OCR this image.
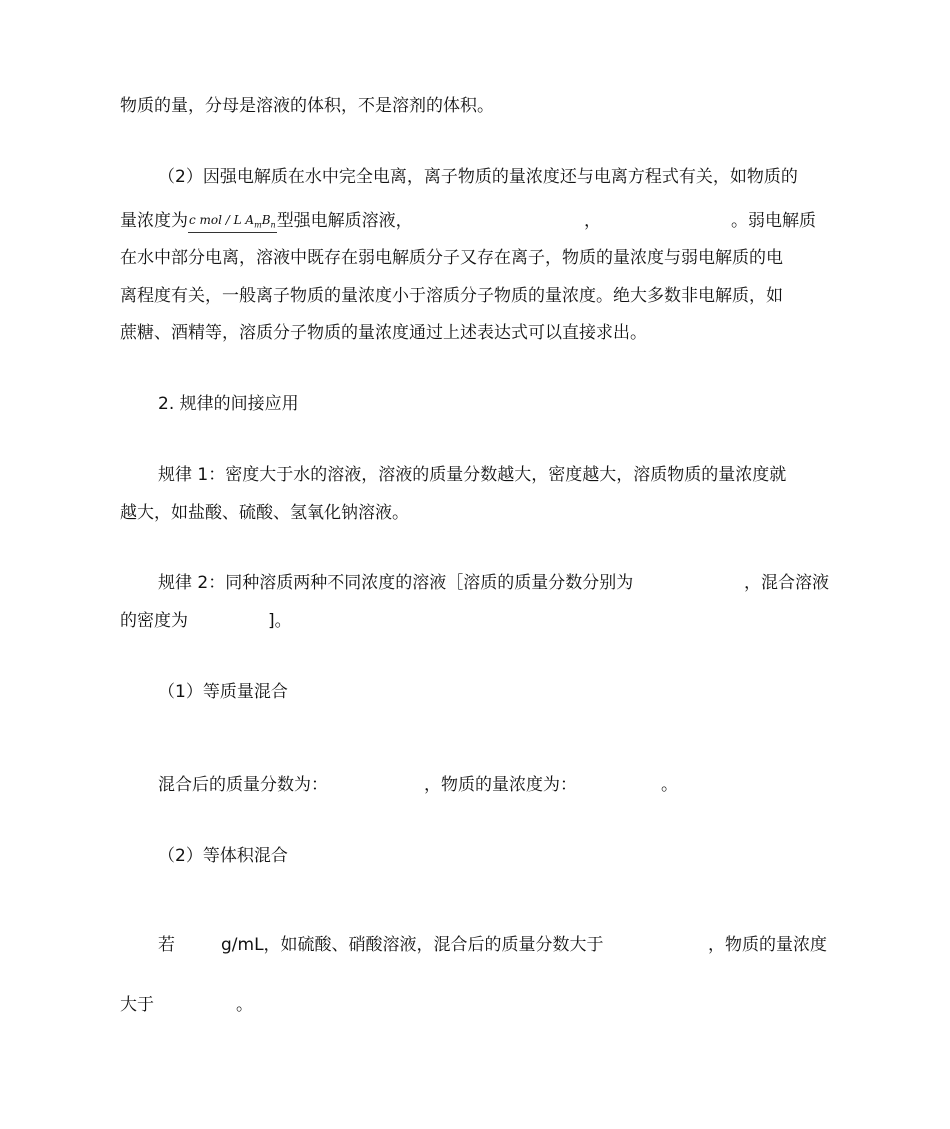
物质的量，分母是溶液的体积，不是溶剂的体积。
（2）因强电解质在水中完全电离，离子物质的量浓度还与电离方程式有关，如物质的
量浓度为c mol / L $A_mB_n$型强电解质溶液，	，	。弱电解质
在水中部分电离，溶液中既存在弱电解质分子又存在离子，物质的量浓度与弱电解质的电
离程度有关，一般离子物质的量浓度小于溶质分子物质的量浓度。绝大多数非电解质，如
蔗糖、酒精等，溶质分子物质的量浓度通过上述表达式可以直接求出。
2. 规律的间接应用
规律 1：密度大于水的溶液，溶液的质量分数越大，密度越大，溶质物质的量浓度就
越大，如盐酸、硫酸、氢氧化钠溶液。
规律 2：同种溶质两种不同浓度的溶液［溶质的质量分数分别为	，混合溶液
的密度为	]。
（1）等质量混合
混合后的质量分数为：	，物质的量浓度为：	。
（2）等体积混合
若	g/mL，如硫酸、硝酸溶液，混合后的质量分数大于	，物质的量浓度
大于	。
